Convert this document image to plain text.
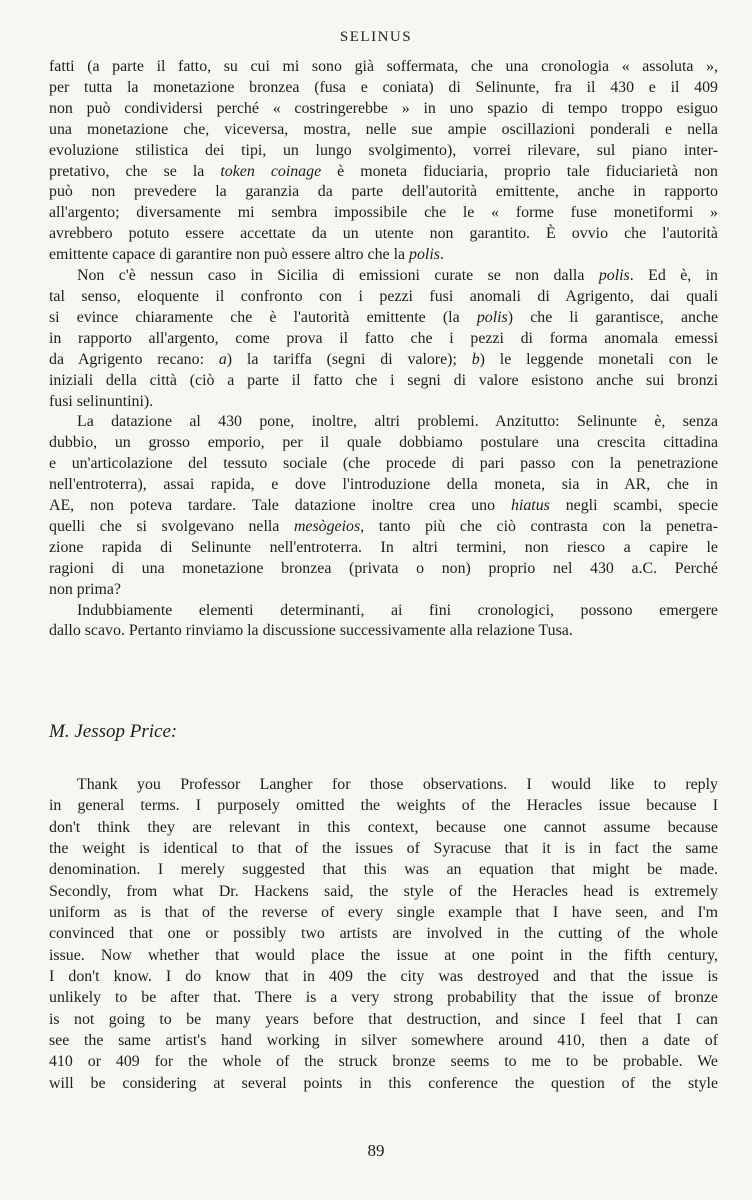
SELINUS
fatti (a parte il fatto, su cui mi sono già soffermata, che una cronologia « assoluta »,
per tutta la monetazione bronzea (fusa e coniata) di Selinunte, fra il 430 e il 409
non può condividersi perché « costringerebbe » in uno spazio di tempo troppo esiguo
una monetazione che, viceversa, mostra, nelle sue ampie oscillazioni ponderali e nella
evoluzione stilistica dei tipi, un lungo svolgimento), vorrei rilevare, sul piano inter-
pretativo, che se la token coinage è moneta fiduciaria, proprio tale fiduciarietà non
può non prevedere la garanzia da parte dell'autorità emittente, anche in rapporto
all'argento; diversamente mi sembra impossibile che le « forme fuse monetiformi »
avrebbero potuto essere accettate da un utente non garantito. È ovvio che l'autorità
emittente capace di garantire non può essere altro che la polis.
Non c'è nessun caso in Sicilia di emissioni curate se non dalla polis. Ed è, in
tal senso, eloquente il confronto con i pezzi fusi anomali di Agrigento, dai quali
si evince chiaramente che è l'autorità emittente (la polis) che li garantisce, anche
in rapporto all'argento, come prova il fatto che i pezzi di forma anomala emessi
da Agrigento recano: a) la tariffa (segni di valore); b) le leggende monetali con le
iniziali della città (ciò a parte il fatto che i segni di valore esistono anche sui bronzi
fusi selinuntini).
La datazione al 430 pone, inoltre, altri problemi. Anzitutto: Selinunte è, senza
dubbio, un grosso emporio, per il quale dobbiamo postulare una crescita cittadina
e un'articolazione del tessuto sociale (che procede di pari passo con la penetrazione
nell'entroterra), assai rapida, e dove l'introduzione della moneta, sia in AR, che in
AE, non poteva tardare. Tale datazione inoltre crea uno hiatus negli scambi, specie
quelli che si svolgevano nella mesògeios, tanto più che ciò contrasta con la penetra-
zione rapida di Selinunte nell'entroterra. In altri termini, non riesco a capire le
ragioni di una monetazione bronzea (privata o non) proprio nel 430 a.C. Perché
non prima?
Indubbiamente elementi determinanti, ai fini cronologici, possono emergere
dallo scavo. Pertanto rinviamo la discussione successivamente alla relazione Tusa.
M. Jessop Price:
Thank you Professor Langher for those observations. I would like to reply
in general terms. I purposely omitted the weights of the Heracles issue because I
don't think they are relevant in this context, because one cannot assume because
the weight is identical to that of the issues of Syracuse that it is in fact the same
denomination. I merely suggested that this was an equation that might be made.
Secondly, from what Dr. Hackens said, the style of the Heracles head is extremely
uniform as is that of the reverse of every single example that I have seen, and I'm
convinced that one or possibly two artists are involved in the cutting of the whole
issue. Now whether that would place the issue at one point in the fifth century,
I don't know. I do know that in 409 the city was destroyed and that the issue is
unlikely to be after that. There is a very strong probability that the issue of bronze
is not going to be many years before that destruction, and since I feel that I can
see the same artist's hand working in silver somewhere around 410, then a date of
410 or 409 for the whole of the struck bronze seems to me to be probable. We
will be considering at several points in this conference the question of the style
89
